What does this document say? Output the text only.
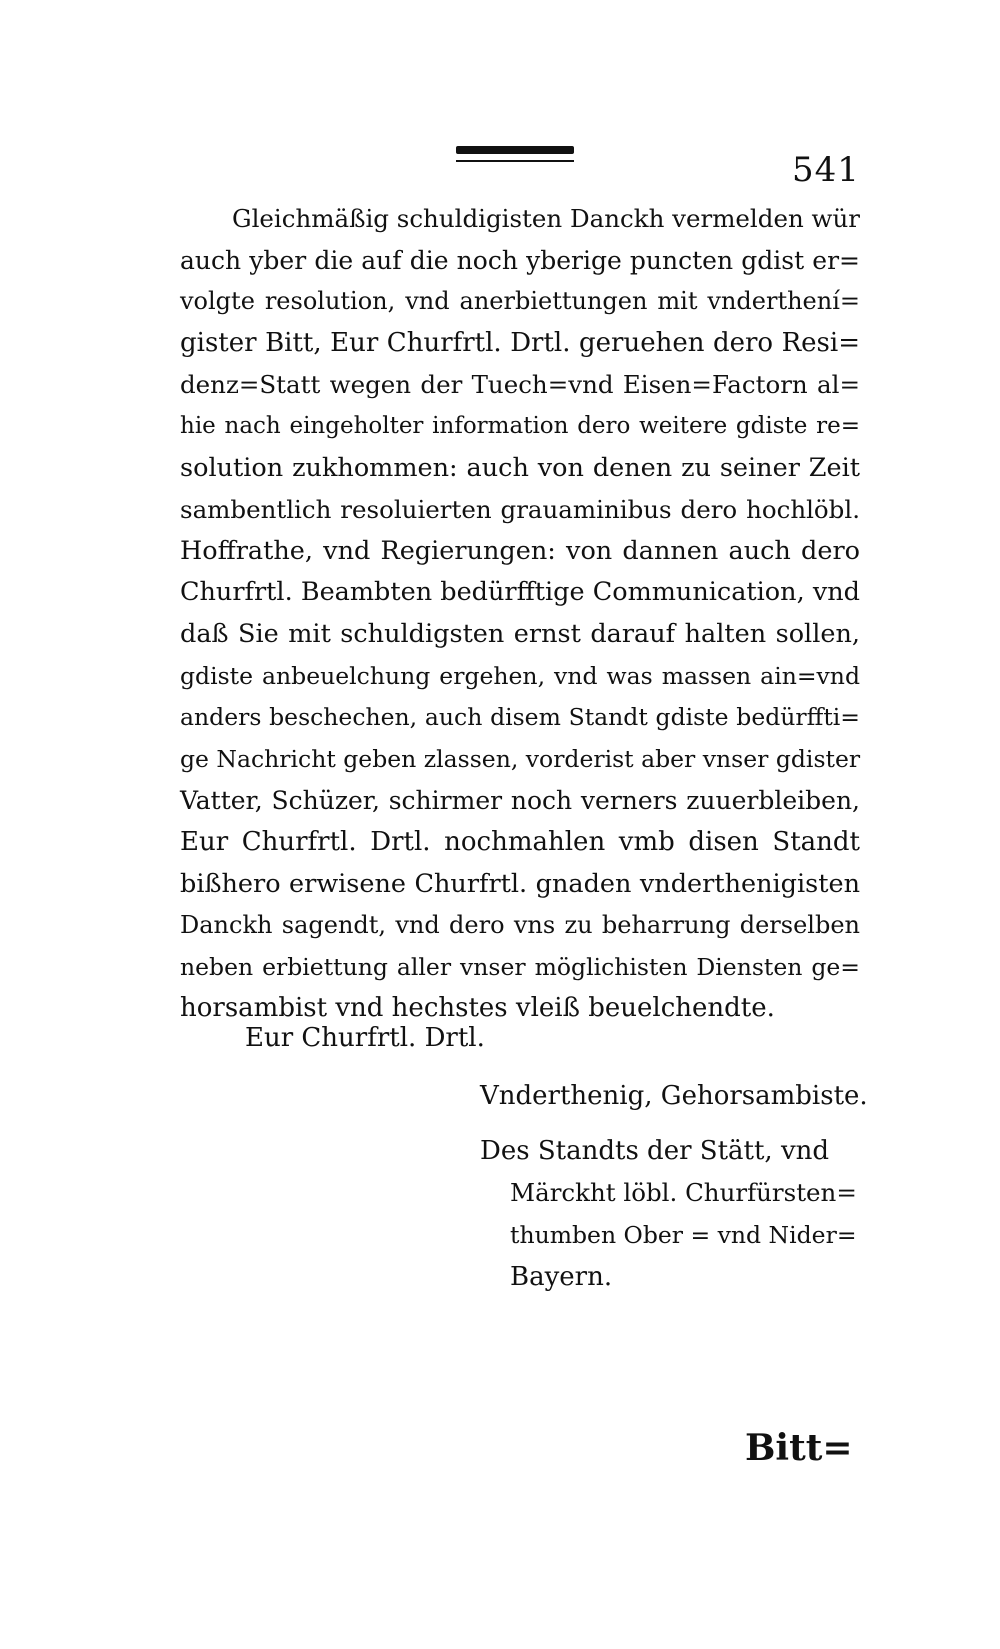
541
Gleichmäßig schuldigisten Danckh vermelden wür
auch yber die auf die noch yberige puncten gdist er=
volgte resolution, vnd anerbiettungen mit vnderthení=
gister Bitt, Eur Churfrtl. Drtl. geruehen dero Resi=
denz=Statt wegen der Tuech=vnd Eisen=Factorn al=
hie nach eingeholter information dero weitere gdiste re=
solution zukhommen: auch von denen zu seiner Zeit
sambentlich resoluierten grauaminibus dero hochlöbl.
Hoffrathe, vnd Regierungen: von dannen auch dero
Churfrtl. Beambten bedürfftige Communication, vnd
daß Sie mit schuldigsten ernst darauf halten sollen,
gdiste anbeuelchung ergehen, vnd was massen ain=vnd
anders beschechen, auch disem Standt gdiste bedürffti=
ge Nachricht geben zlassen, vorderist aber vnser gdister
Vatter, Schüzer, schirmer noch verners zuuerbleiben,
Eur Churfrtl. Drtl. nochmahlen vmb disen Standt
bißhero erwisene Churfrtl. gnaden vnderthenigisten
Danckh sagendt, vnd dero vns zu beharrung derselben
neben erbiettung aller vnser möglichisten Diensten ge=
horsambist vnd hechstes vleiß beuelchendte.
Eur Churfrtl. Drtl.
Vnderthenig, Gehorsambiste.
Des Standts der Stätt, vnd
Märckht löbl. Churfürsten=
thumben Ober = vnd Nider=
Bayern.
Bitt=
